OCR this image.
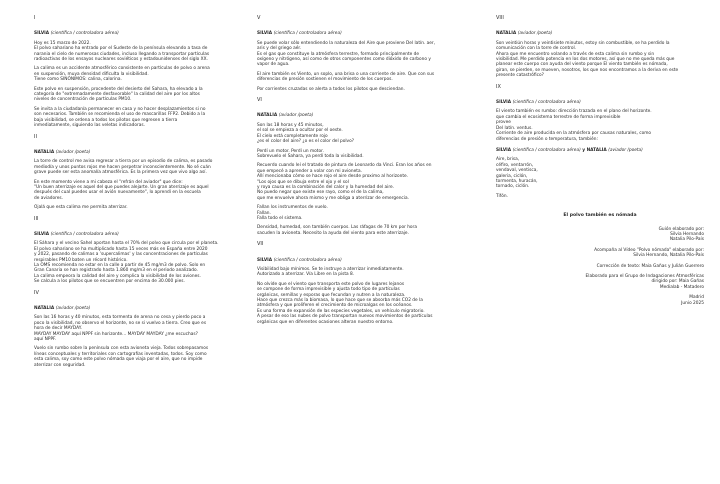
I
SILVIA (científica / controladora aérea)

Hoy es 15 marzo de 2022.
El polvo sahariano ha entrado por el Sudeste de la península elevando a tasa de
narania el cielo de numerosas ciudades, incluso llegando a transportar partículas
radioactivas de los ensayos nucleares soviéticos y estadounidenses del siglo XX.

La calima es un accidente atmosférico consistente en partículas de polvo o arena
en suspensión, muya densidad dificulta la visibilidad.
Tiene como SINÓNIMOS: calina, calorina.

Este polvo en suspensión, procedente del desierto del Sahara, ha elevado a la
categoría de "extremadamente desfavorable" la calidad del aire por los altos
niveles de concentración de partículas PM10.

Se invita a la ciudadanía permanecer en casa y no hacer desplazamientos si no
son necesarios. También se recomienda el uso de mascarillas FFP2. Debido a la
baja visibilidad, se ordena a todos los pilotos que regresen a tierra
inmediatamente, siguiendo las veletas indicadoras.

II
NATALIA (aviador /poeta)

La torre de control me avisa regresar a tierra por un episodio de calima, es pasado
mediodía y unos puntos rojos me hacen perpetrar inconscientemente. No sé cuán
grave puede ser esta anomalía atmosférica. Es la primera vez que vivo algo así.

En este momento viene a mi cabeza el "refrán del aviador" que dice:
"Un buen aterrizaje es aquel del que puedes alejarte. Un gran aterrizaje es aquel
después del cual puedes usar el avión nuevamente", lo aprendí en la escuela
de aviadores.

Ojalá que esta calima me permita aterrizar.

III
SILVIA (científica / controladora aérea)

El Sáhara y el vecino Sahel aportan hasta el 70% del polvo que circula por el planeta.
El polvo sahariano se ha multiplicado hasta 15 veces más en España entre 2020
y 2022, pasando de calimas a 'supercalimas' y las concentraciones de partículas
respirables PM10 baten un récord histórico.
La OMS recomienda no estar en la calle a partir de 45 mg/m3 de polvo. Solo en
Gran Canaria se han registrado hasta 1.860 mg/m3 en el periodo analizado.
La calima empeora la calidad del aire y complica la visibilidad de los aviones.
Se calcula a los pilotos que se encuentren por encima de 30.000 pies.

IV
NATALIA (aviador /poeta)

Son las 16 horas y 40 minutos, esta tormenta de arena no cesa y pierdo poco a
poco la visibilidad, no observo el horizonte, no se si vuelvo a tierra. Creo que es
hora de decir MAYDAY.
MAYDAY MAYDAY aquí NPPF sin horizonte... MAYDAY MAYDAY ¿me escuchas?
aquí NPPF.

Vuelo sin rumbo sobre la península con esta avioneta vieja. Todos sobrepasamos
líneas conceptuales y territoriales con cartografías inventadas, todos. Soy como
esta calima, soy como este polvo nómada que viaja por el aire, que no impide
aterrizar con seguridad.

V
SILVIA (científica / controladora aérea)

Se puede volar sólo entendiendo la naturaleza del Aire que proviene Del latín. aer,
aris y del griego aér.
Es el gas que constituye la atmósfera terrestre, formado principalmente de
oxígeno y nitrógeno, así como de otros componentes como dióxido de carbono y
vapor de agua.

El aire también es Viento, un soplo, una brisa o una corriente de aire. Que con sus
diferencias de presión sostienen el movimiento de los cuerpos.

Por corrientes cruzadas se alerta a todos los pilotos que desciendan.

VI
NATALIA (aviador /poeta)

Son las 18 horas y 45 minutos,
el sol se empieza a ocultar por el oeste.
El cielo está completamente rojo
¿es el color del aire? ¿o es el color del polvo?

Perdí un motor. Perdí un motor.
Sobrevuelo el Sahara, ya perdí toda la visibilidad.

Recuerdo cuando leí el tratado de pintura de Leonardo da Vinci. Eran los años en
que empecé a aprender a volar con mi avioneta.
Allí mencionaba cómo se hace rojo el aire desde proximo al horizonte.
"Los ojos que se dibuja entre el ojo y el sol
y roya causa es la combinación del calor y la humedad del aire.
No puedo negar que existe ese rayo, como el de la calima,
que me envuelve ahora mismo y me obliga a aterrizar de emergencia.

Fallan los instrumentos de vuelo.
Fallan.
Falla todo el sistema.

Densidad, humedad, son también cuerpos. Las ráfagas de 70 km por hora
sacuden la avioneta. Necesito la ayuda del viento para este aterrizaje.

VII
SILVIA (científica / controladora aérea)

Visibilidad bajo mínimos. Se te instruye a aterrizar inmediatamente.
Autorizado a aterrizar. Vía Libre en la pista 8.

No olvide que el viento que transporta este polvo de lugares lejanos
se compone de forma imprevisible y ajusta todo tipo de partículas
orgánicas, semillas y esporas que fecundan y nutren a la naturaleza.
Hace que crezca más la biomasa, lo que hace que se absorba más CO2 de la
atmósfera y que proliferen el crecimiento de microalgas en los océanos.
Es una forma de expansión de las especies vegetales, un vehículo migratorio.
A pesar de eso las nubes de polvo transportan nuevos movimientos de partículas
orgánicas que en diferentes ocasiones alteran nuestro entorno.

VIII
NATALIA (aviador /poeta)

Son veintiún horas y veintisiete minutos, estoy sin combustible, se ha perdido la
comunicación con la torre de control.
Ahora que me encuentro volando a través de esta calima sin rumbo y sin
visibilidad. Me perdido potencia en los dos motores, así que no me queda más que
planear este cuerpo con ayuda del viento porque El viento también es nómada,
giran, se pierden, se mueven, nosotros, los que nos encontramos a la deriva en este
presente catastrófico?

IX
SILVIA (científica / controladora aérea)

El viento también es rumbo: dirección trazada en el plano del horizonte.
que cambia el ecosistema terrestre de forma imprevisible
provee
Del latín. ventus.
Corriente de aire producida en la atmósfera por causas naturales, como
diferencias de presión o temperatura, también:

SILVIA (científica / controladora aérea) y NATALIA (aviador /poeta)

Aire, brisa,
céfiro, ventarrón,
vendaval, ventisca,
galeria, ciclón,
tormenta, huracán,
tornado, ciclón.

Tifón.

El polvo también es nómada
Guión elaborado por:
Silvia Hernando
Natalia Pilo-País
Acompaña al Vídeo "Polvo nómada" elaborado por:
Silvia Hernando, Natalia Pilo-País
Corrección de texto: Maia Gañas y Julián Guerrero
Elaborado para el Grupo de Indagaciones Atmosféricas
dirigido por: Maia Gañas
Medialab - Matadero
Madrid
Junio 2025
